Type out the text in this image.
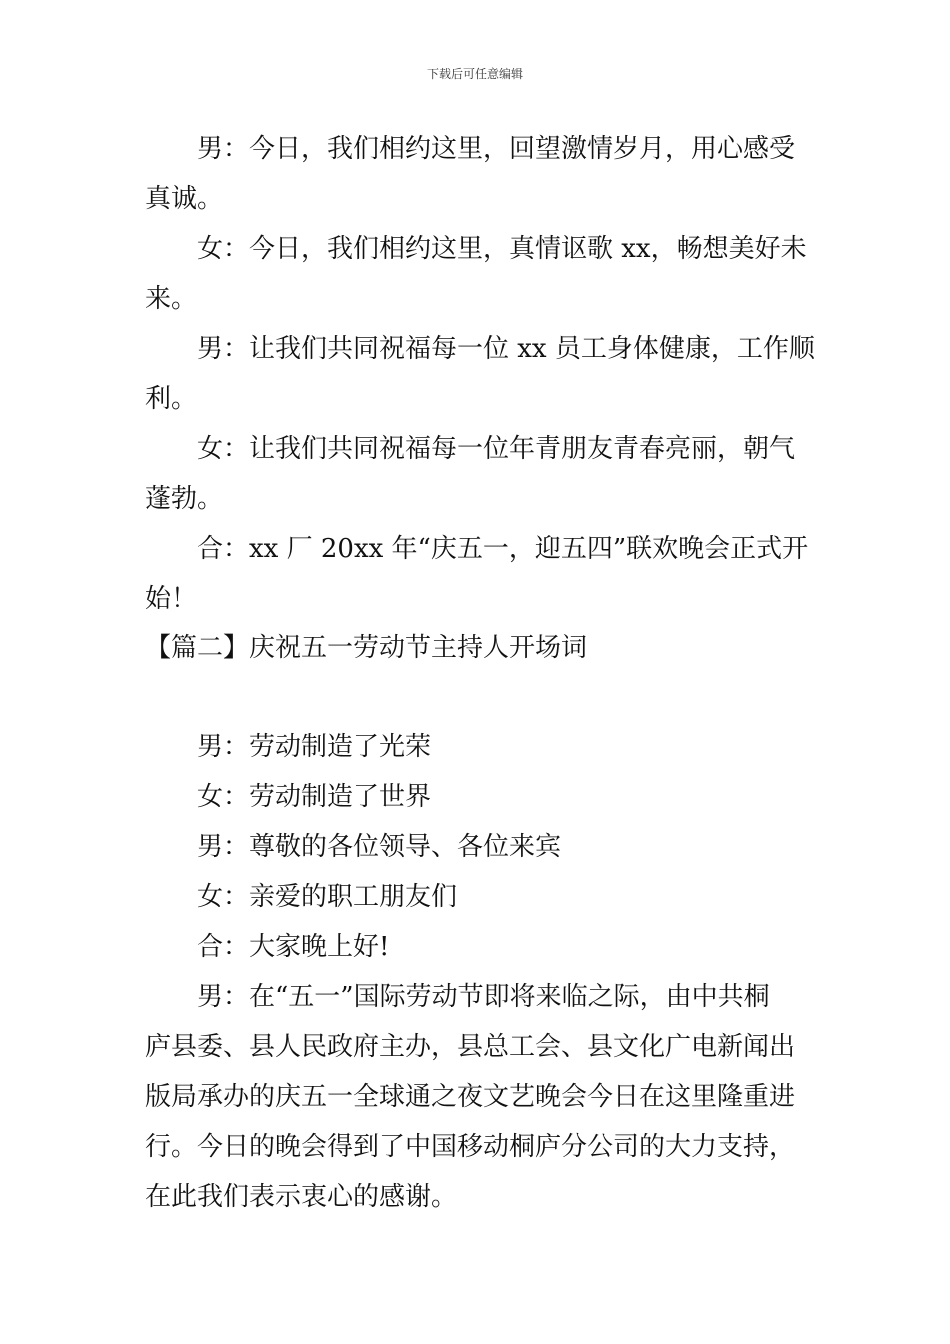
下载后可任意编辑
男：今日，我们相约这里，回望激情岁月，用心感受
真诚。
女：今日，我们相约这里，真情讴歌 xx，畅想美好未
来。
男：让我们共同祝福每一位 xx 员工身体健康，工作顺
利。
女：让我们共同祝福每一位年青朋友青春亮丽，朝气
蓬勃。
合：xx 厂 20xx 年“庆五一，迎五四”联欢晚会正式开
始！
【篇二】庆祝五一劳动节主持人开场词
男：劳动制造了光荣
女：劳动制造了世界
男：尊敬的各位领导、各位来宾
女：亲爱的职工朋友们
合：大家晚上好!
男：在“五一”国际劳动节即将来临之际，由中共桐
庐县委、县人民政府主办，县总工会、县文化广电新闻出
版局承办的庆五一全球通之夜文艺晚会今日在这里隆重进
行。今日的晚会得到了中国移动桐庐分公司的大力支持，
在此我们表示衷心的感谢。
